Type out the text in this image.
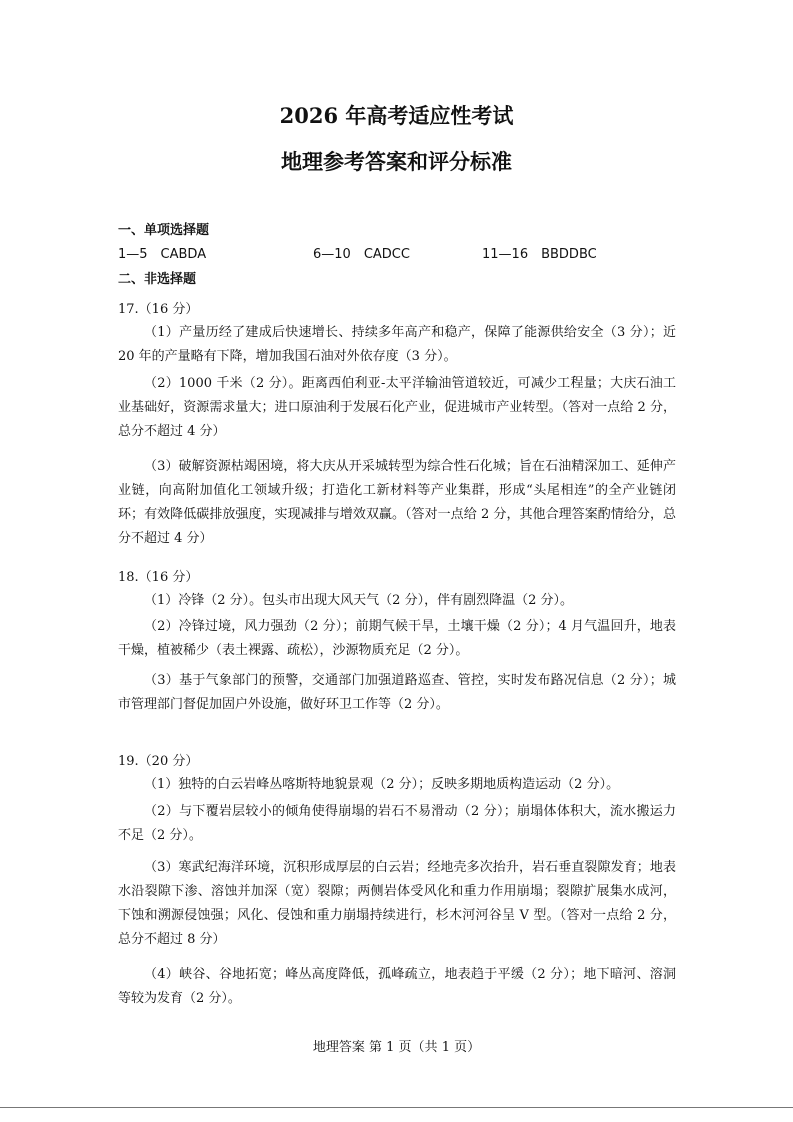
2026 年高考适应性考试
地理参考答案和评分标准
一、单项选择题
1—5　CABDA	6—10　CADCC	11—16　BBDDBC
二、非选择题
17.（16 分）

（1）产量历经了建成后快速增长、持续多年高产和稳产，保障了能源供给安全（3 分）；近 20 年的产量略有下降，增加我国石油对外依存度（3 分）。

（2）1000 千米（2 分）。距离西伯利亚-太平洋输油管道较近，可减少工程量；大庆石油工业基础好，资源需求量大；进口原油利于发展石化产业，促进城市产业转型。（答对一点给 2 分，总分不超过 4 分）

（3）破解资源枯竭困境，将大庆从开采城转型为综合性石化城；旨在石油精深加工、延伸产业链，向高附加值化工领域升级；打造化工新材料等产业集群，形成“头尾相连”的全产业链闭环；有效降低碳排放强度，实现减排与增效双赢。（答对一点给 2 分，其他合理答案酌情给分，总分不超过 4 分）

18.（16 分）

（1）冷锋（2 分）。包头市出现大风天气（2 分），伴有剧烈降温（2 分）。

（2）冷锋过境，风力强劲（2 分）；前期气候干旱，土壤干燥（2 分）；4 月气温回升，地表干燥，植被稀少（表土裸露、疏松），沙源物质充足（2 分）。

（3）基于气象部门的预警，交通部门加强道路巡查、管控，实时发布路况信息（2 分）；城市管理部门督促加固户外设施，做好环卫工作等（2 分）。

19.（20 分）

（1）独特的白云岩峰丛喀斯特地貌景观（2 分）；反映多期地质构造运动（2 分）。

（2）与下覆岩层较小的倾角使得崩塌的岩石不易滑动（2 分）；崩塌体体积大，流水搬运力不足（2 分）。

（3）寒武纪海洋环境，沉积形成厚层的白云岩；经地壳多次抬升，岩石垂直裂隙发育；地表水沿裂隙下渗、溶蚀并加深（宽）裂隙；两侧岩体受风化和重力作用崩塌；裂隙扩展集水成河，下蚀和溯源侵蚀强；风化、侵蚀和重力崩塌持续进行，杉木河河谷呈 V 型。（答对一点给 2 分，总分不超过 8 分）

（4）峡谷、谷地拓宽；峰丛高度降低，孤峰疏立，地表趋于平缓（2 分）；地下暗河、溶洞等较为发育（2 分）。

地理答案 第 1 页（共 1 页）
